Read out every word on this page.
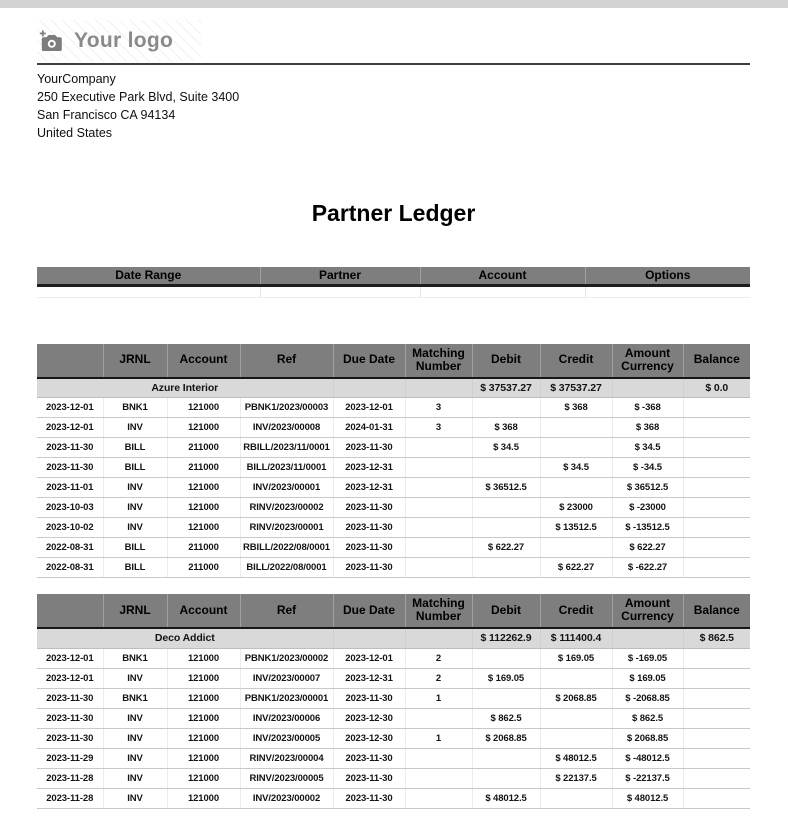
Your logo
YourCompany
250 Executive Park Blvd, Suite 3400
San Francisco CA 94134
United States
Partner Ledger
Date Range	Partner	Account	Options

	JRNL	Account	Ref	Due Date	Matching Number	Debit	Credit	Amount Currency	Balance
Azure Interior						$ 37537.27	$ 37537.27		$ 0.0
2023-12-01	BNK1	121000	PBNK1/2023/00003	2023-12-01	3		$ 368	$ -368	
2023-12-01	INV	121000	INV/2023/00008	2024-01-31	3	$ 368		$ 368	
2023-11-30	BILL	211000	RBILL/2023/11/0001	2023-11-30		$ 34.5		$ 34.5	
2023-11-30	BILL	211000	BILL/2023/11/0001	2023-12-31			$ 34.5	$ -34.5	
2023-11-01	INV	121000	INV/2023/00001	2023-12-31		$ 36512.5		$ 36512.5	
2023-10-03	INV	121000	RINV/2023/00002	2023-11-30			$ 23000	$ -23000	
2023-10-02	INV	121000	RINV/2023/00001	2023-11-30			$ 13512.5	$ -13512.5	
2022-08-31	BILL	211000	RBILL/2022/08/0001	2023-11-30		$ 622.27		$ 622.27	
2022-08-31	BILL	211000	BILL/2022/08/0001	2023-11-30			$ 622.27	$ -622.27	
	JRNL	Account	Ref	Due Date	Matching Number	Debit	Credit	Amount Currency	Balance
Deco Addict						$ 112262.9	$ 111400.4		$ 862.5
2023-12-01	BNK1	121000	PBNK1/2023/00002	2023-12-01	2		$ 169.05	$ -169.05	
2023-12-01	INV	121000	INV/2023/00007	2023-12-31	2	$ 169.05		$ 169.05	
2023-11-30	BNK1	121000	PBNK1/2023/00001	2023-11-30	1		$ 2068.85	$ -2068.85	
2023-11-30	INV	121000	INV/2023/00006	2023-12-30		$ 862.5		$ 862.5	
2023-11-30	INV	121000	INV/2023/00005	2023-12-30	1	$ 2068.85		$ 2068.85	
2023-11-29	INV	121000	RINV/2023/00004	2023-11-30			$ 48012.5	$ -48012.5	
2023-11-28	INV	121000	RINV/2023/00005	2023-11-30			$ 22137.5	$ -22137.5	
2023-11-28	INV	121000	INV/2023/00002	2023-11-30		$ 48012.5		$ 48012.5	
